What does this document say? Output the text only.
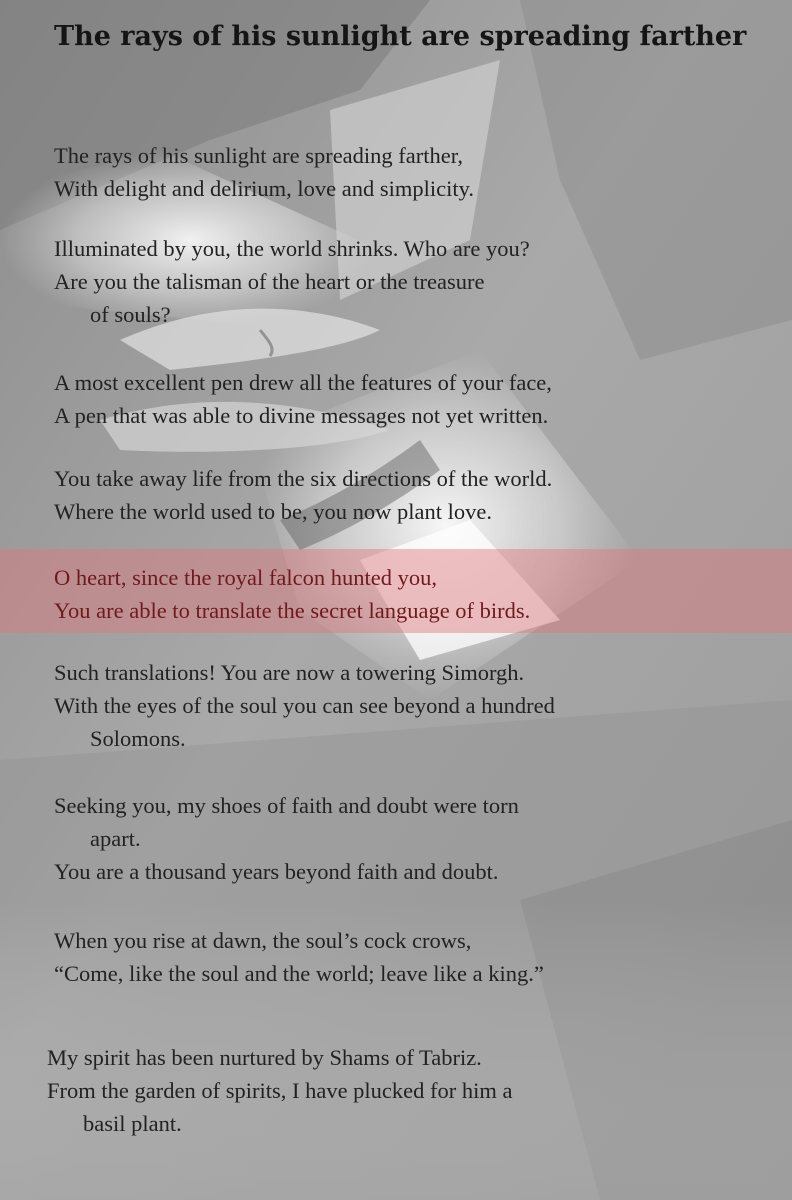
The rays of his sunlight are spreading farther
The rays of his sunlight are spreading farther,
With delight and delirium, love and simplicity.
Illuminated by you, the world shrinks. Who are you?
Are you the talisman of the heart or the treasure
of souls?
A most excellent pen drew all the features of your face,
A pen that was able to divine messages not yet written.
You take away life from the six directions of the world.
Where the world used to be, you now plant love.
O heart, since the royal falcon hunted you,
You are able to translate the secret language of birds.
Such translations! You are now a towering Simorgh.
With the eyes of the soul you can see beyond a hundred
Solomons.
Seeking you, my shoes of faith and doubt were torn
apart.
You are a thousand years beyond faith and doubt.
When you rise at dawn, the soul’s cock crows,
“Come, like the soul and the world; leave like a king.”
My spirit has been nurtured by Shams of Tabriz.
From the garden of spirits, I have plucked for him a
basil plant.
